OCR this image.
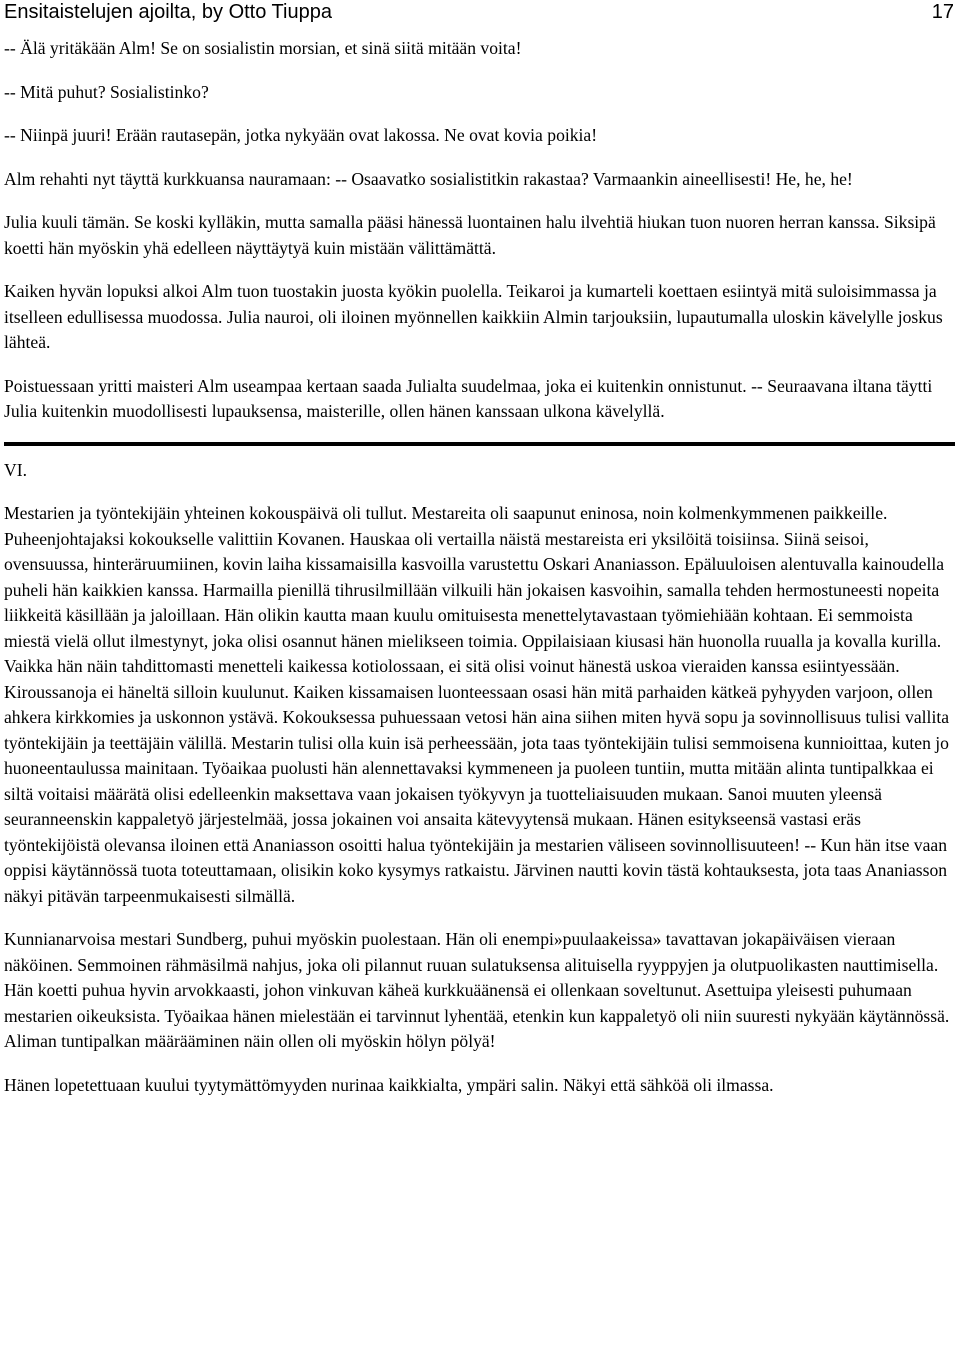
Ensitaistelujen ajoilta, by Otto Tiuppa	17

-- Älä yritäkään Alm! Se on sosialistin morsian, et sinä siitä mitään voita!

-- Mitä puhut? Sosialistinko?

-- Niinpä juuri! Erään rautasepän, jotka nykyään ovat lakossa. Ne ovat kovia poikia!

Alm rehahti nyt täyttä kurkkuansa nauramaan: -- Osaavatko sosialistitkin rakastaa? Varmaankin aineellisesti! He, he, he!

Julia kuuli tämän. Se koski kylläkin, mutta samalla pääsi hänessä luontainen halu ilvehtiä hiukan tuon nuoren herran kanssa. Siksipä koetti hän myöskin yhä edelleen näyttäytyä kuin mistään välittämättä.

Kaiken hyvän lopuksi alkoi Alm tuon tuostakin juosta kyökin puolella. Teikaroi ja kumarteli koettaen esiintyä mitä suloisimmassa ja itselleen edullisessa muodossa. Julia nauroi, oli iloinen myönnellen kaikkiin Almin tarjouksiin, lupautumalla uloskin kävelylle joskus lähteä.

Poistuessaan yritti maisteri Alm useampaa kertaan saada Julialta suudelmaa, joka ei kuitenkin onnistunut. -- Seuraavana iltana täytti Julia kuitenkin muodollisesti lupauksensa, maisterille, ollen hänen kanssaan ulkona kävelyllä.

VI.

Mestarien ja työntekijäin yhteinen kokouspäivä oli tullut. Mestareita oli saapunut eninosa, noin kolmenkymmenen paikkeille. Puheenjohtajaksi kokoukselle valittiin Kovanen. Hauskaa oli vertailla näistä mestareista eri yksilöitä toisiinsa. Siinä seisoi, ovensuussa, hinteräruumiinen, kovin laiha kissamaisilla kasvoilla varustettu Oskari Ananiasson. Epäluuloisen alentuvalla kainoudella puheli hän kaikkien kanssa. Harmailla pienillä tihrusilmillään vilkuili hän jokaisen kasvoihin, samalla tehden hermostuneesti nopeita liikkeitä käsillään ja jaloillaan. Hän olikin kautta maan kuulu omituisesta menettelytavastaan työmiehiään kohtaan. Ei semmoista miestä vielä ollut ilmestynyt, joka olisi osannut hänen mielikseen toimia. Oppilaisiaan kiusasi hän huonolla ruualla ja kovalla kurilla. Vaikka hän näin tahdittomasti menetteli kaikessa kotiolossaan, ei sitä olisi voinut hänestä uskoa vieraiden kanssa esiintyessään. Kiroussanoja ei häneltä silloin kuulunut. Kaiken kissamaisen luonteessaan osasi hän mitä parhaiden kätkeä pyhyyden varjoon, ollen ahkera kirkkomies ja uskonnon ystävä. Kokouksessa puhuessaan vetosi hän aina siihen miten hyvä sopu ja sovinnollisuus tulisi vallita työntekijäin ja teettäjäin välillä. Mestarin tulisi olla kuin isä perheessään, jota taas työntekijäin tulisi semmoisena kunnioittaa, kuten jo huoneentaulussa mainitaan. Työaikaa puolusti hän alennettavaksi kymmeneen ja puoleen tuntiin, mutta mitään alinta tuntipalkkaa ei siltä voitaisi määrätä olisi edelleenkin maksettava vaan jokaisen työkyvyn ja tuotteliaisuuden mukaan. Sanoi muuten yleensä seuranneenskin kappaletyö järjestelmää, jossa jokainen voi ansaita kätevyytensä mukaan. Hänen esitykseensä vastasi eräs työntekijöistä olevansa iloinen että Ananiasson osoitti halua työntekijäin ja mestarien väliseen sovinnollisuuteen! -- Kun hän itse vaan oppisi käytännössä tuota toteuttamaan, olisikin koko kysymys ratkaistu. Järvinen nautti kovin tästä kohtauksesta, jota taas Ananiasson näkyi pitävän tarpeenmukaisesti silmällä.

Kunnianarvoisa mestari Sundberg, puhui myöskin puolestaan. Hän oli enempi»puulaakeissa» tavattavan jokapäiväisen vieraan näköinen. Semmoinen rähmäsilmä nahjus, joka oli pilannut ruuan sulatuksensa alituisella ryyppyjen ja olutpuolikasten nauttimisella. Hän koetti puhua hyvin arvokkaasti, johon vinkuvan käheä kurkkuäänensä ei ollenkaan soveltunut. Asettuipa yleisesti puhumaan mestarien oikeuksista. Työaikaa hänen mielestään ei tarvinnut lyhentää, etenkin kun kappaletyö oli niin suuresti nykyään käytännössä. Aliman tuntipalkan määrääminen näin ollen oli myöskin hölyn pölyä!

Hänen lopetettuaan kuului tyytymättömyyden nurinaa kaikkialta, ympäri salin. Näkyi että sähköä oli ilmassa.
